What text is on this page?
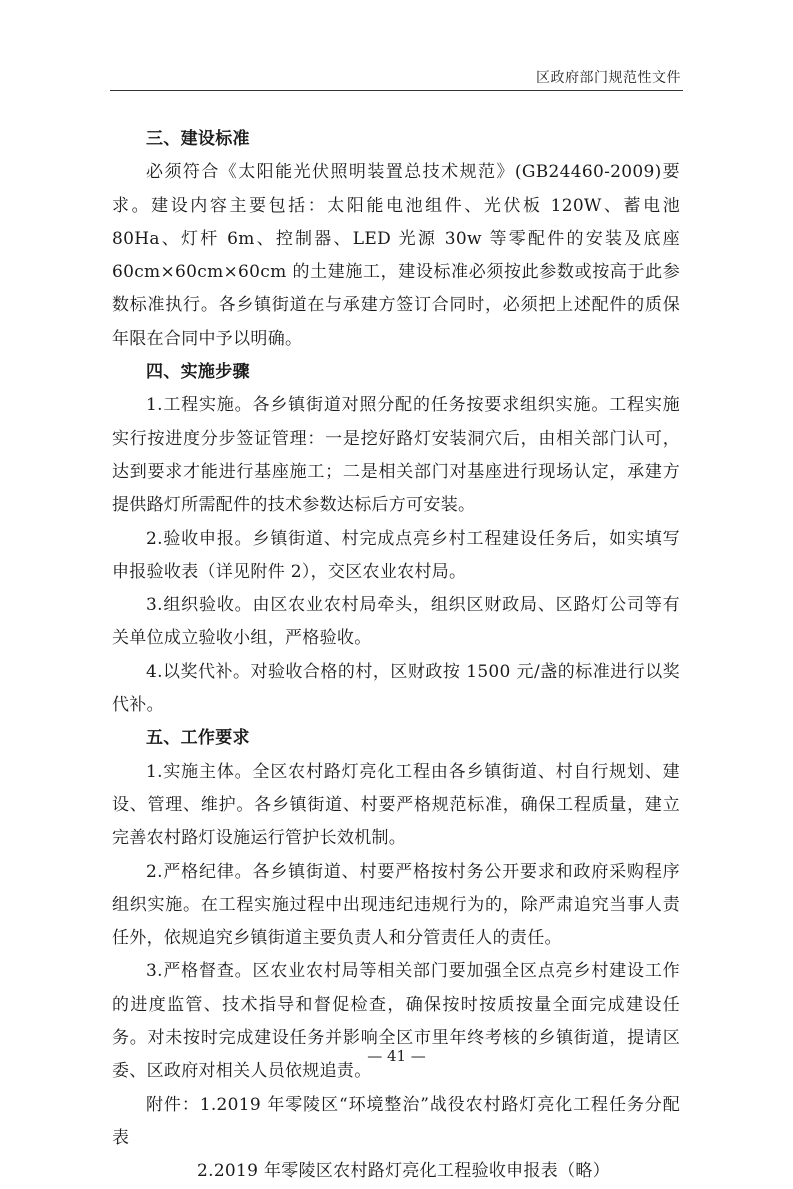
区政府部门规范性文件

三、建设标准

必须符合《太阳能光伏照明装置总技术规范》(GB24460-2009)要求。建设内容主要包括：太阳能电池组件、光伏板 120W、蓄电池 80Ha、灯杆 6m、控制器、LED 光源 30w 等零配件的安装及底座 60cm×60cm×60cm 的土建施工，建设标准必须按此参数或按高于此参数标准执行。各乡镇街道在与承建方签订合同时，必须把上述配件的质保年限在合同中予以明确。

四、实施步骤

1.工程实施。各乡镇街道对照分配的任务按要求组织实施。工程实施实行按进度分步签证管理：一是挖好路灯安装洞穴后，由相关部门认可，达到要求才能进行基座施工；二是相关部门对基座进行现场认定，承建方提供路灯所需配件的技术参数达标后方可安装。

2.验收申报。乡镇街道、村完成点亮乡村工程建设任务后，如实填写申报验收表（详见附件 2），交区农业农村局。

3.组织验收。由区农业农村局牵头，组织区财政局、区路灯公司等有关单位成立验收小组，严格验收。

4.以奖代补。对验收合格的村，区财政按 1500 元/盏的标准进行以奖代补。

五、工作要求

1.实施主体。全区农村路灯亮化工程由各乡镇街道、村自行规划、建设、管理、维护。各乡镇街道、村要严格规范标准，确保工程质量，建立完善农村路灯设施运行管护长效机制。

2.严格纪律。各乡镇街道、村要严格按村务公开要求和政府采购程序组织实施。在工程实施过程中出现违纪违规行为的，除严肃追究当事人责任外，依规追究乡镇街道主要负责人和分管责任人的责任。

3.严格督查。区农业农村局等相关部门要加强全区点亮乡村建设工作的进度监管、技术指导和督促检查，确保按时按质按量全面完成建设任务。对未按时完成建设任务并影响全区市里年终考核的乡镇街道，提请区委、区政府对相关人员依规追责。

附件：1.2019 年零陵区“环境整治”战役农村路灯亮化工程任务分配表

2.2019 年零陵区农村路灯亮化工程验收申报表（略）

— 41 —
